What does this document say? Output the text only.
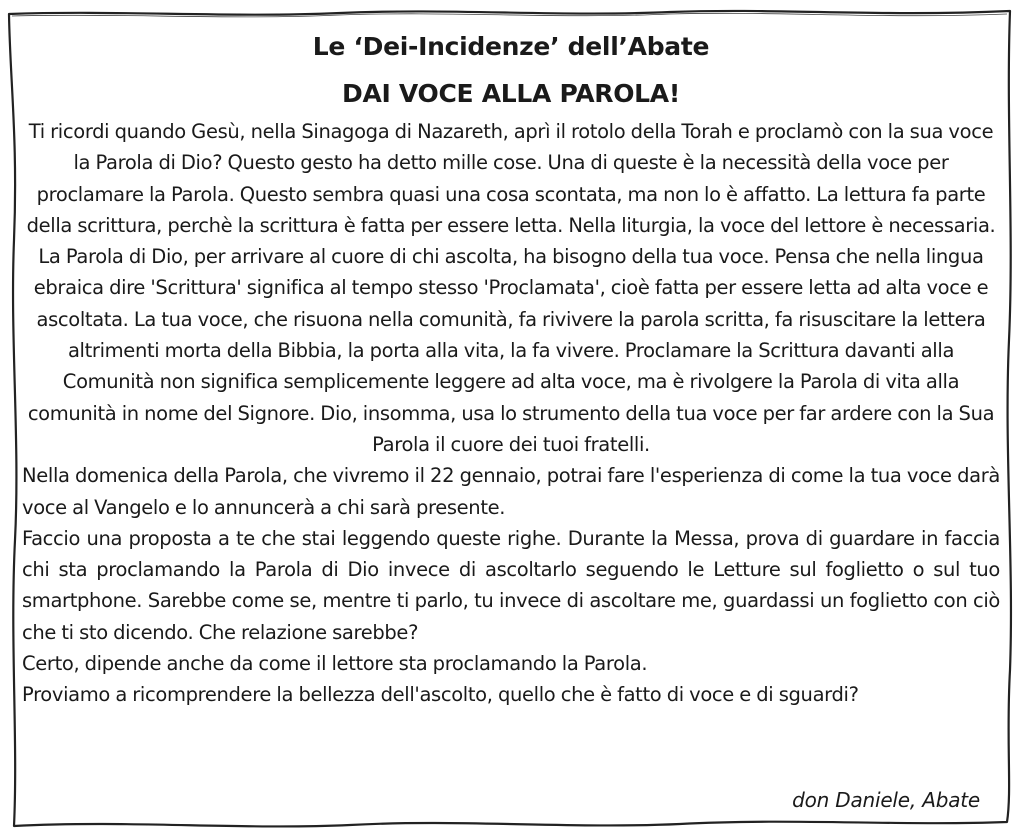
Le ‘Dei-Incidenze’ dell’Abate
DAI VOCE ALLA PAROLA!

Ti ricordi quando Gesù, nella Sinagoga di Nazareth, aprì il rotolo della Torah e proclamò con la sua voce la Parola di Dio? Questo gesto ha detto mille cose. Una di queste è la necessità della voce per proclamare la Parola. Questo sembra quasi una cosa scontata, ma non lo è affatto. La lettura fa parte della scrittura, perchè la scrittura è fatta per essere letta. Nella liturgia, la voce del lettore è necessaria. La Parola di Dio, per arrivare al cuore di chi ascolta, ha bisogno della tua voce. Pensa che nella lingua ebraica dire 'Scrittura' significa al tempo stesso 'Proclamata', cioè fatta per essere letta ad alta voce e ascoltata. La tua voce, che risuona nella comunità, fa rivivere la parola scritta, fa risuscitare la lettera altrimenti morta della Bibbia, la porta alla vita, la fa vivere. Proclamare la Scrittura davanti alla Comunità non significa semplicemente leggere ad alta voce, ma è rivolgere la Parola di vita alla comunità in nome del Signore. Dio, insomma, usa lo strumento della tua voce per far ardere con la Sua Parola il cuore dei tuoi fratelli.

Nella domenica della Parola, che vivremo il 22 gennaio, potrai fare l'esperienza di come la tua voce darà voce al Vangelo e lo annuncerà a chi sarà presente.

Faccio una proposta a te che stai leggendo queste righe. Durante la Messa, prova di guardare in faccia chi sta proclamando la Parola di Dio invece di ascoltarlo seguendo le Letture sul foglietto o sul tuo smartphone. Sarebbe come se, mentre ti parlo, tu invece di ascoltare me, guardassi un foglietto con ciò che ti sto dicendo. Che relazione sarebbe?

Certo, dipende anche da come il lettore sta proclamando la Parola.

Proviamo a ricomprendere la bellezza dell'ascolto, quello che è fatto di voce e di sguardi?

don Daniele, Abate
